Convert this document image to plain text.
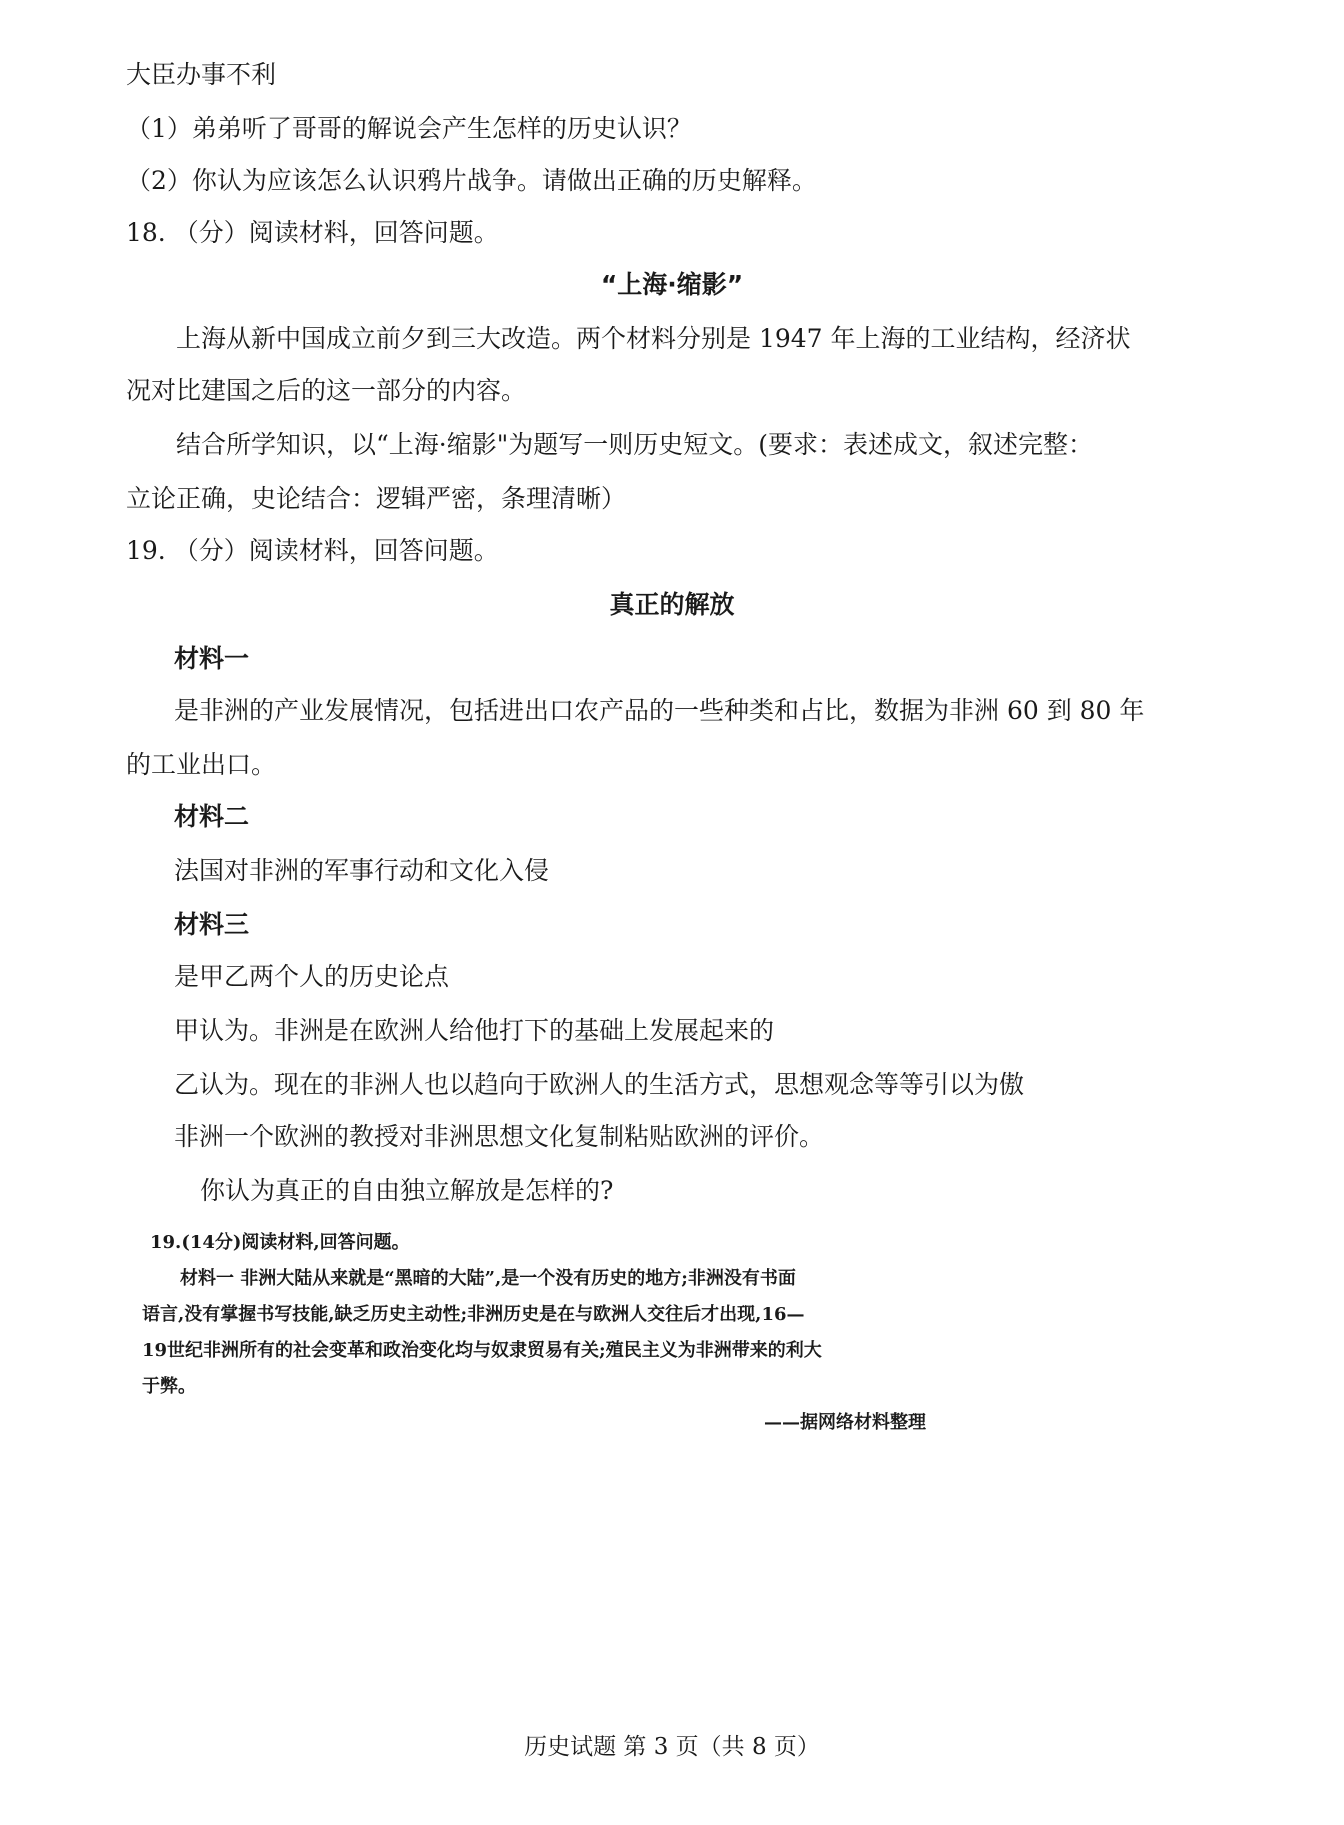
大臣办事不利
（1）弟弟听了哥哥的解说会产生怎样的历史认识？
（2）你认为应该怎么认识鸦片战争。请做出正确的历史解释。
18. （分）阅读材料，回答问题。
“上海·缩影”
上海从新中国成立前夕到三大改造。两个材料分别是 1947 年上海的工业结构，经济状
况对比建国之后的这一部分的内容。
结合所学知识，以“上海·缩影"为题写一则历史短文。(要求：表述成文，叙述完整：
立论正确，史论结合：逻辑严密，条理清晰）
19. （分）阅读材料，回答问题。
真正的解放
材料一
是非洲的产业发展情况，包括进出口农产品的一些种类和占比，数据为非洲 60 到 80 年
的工业出口。
材料二
法国对非洲的军事行动和文化入侵
材料三
是甲乙两个人的历史论点
甲认为。非洲是在欧洲人给他打下的基础上发展起来的
乙认为。现在的非洲人也以趋向于欧洲人的生活方式，思想观念等等引以为傲
非洲一个欧洲的教授对非洲思想文化复制粘贴欧洲的评价。
你认为真正的自由独立解放是怎样的?
19.(14分)阅读材料,回答问题。
材料一 非洲大陆从来就是“黑暗的大陆”,是一个没有历史的地方;非洲没有书面
语言,没有掌握书写技能,缺乏历史主动性;非洲历史是在与欧洲人交往后才出现,16—
19世纪非洲所有的社会变革和政治变化均与奴隶贸易有关;殖民主义为非洲带来的利大
于弊。
——据网络材料整理
历史试题 第 3 页（共 8 页）
